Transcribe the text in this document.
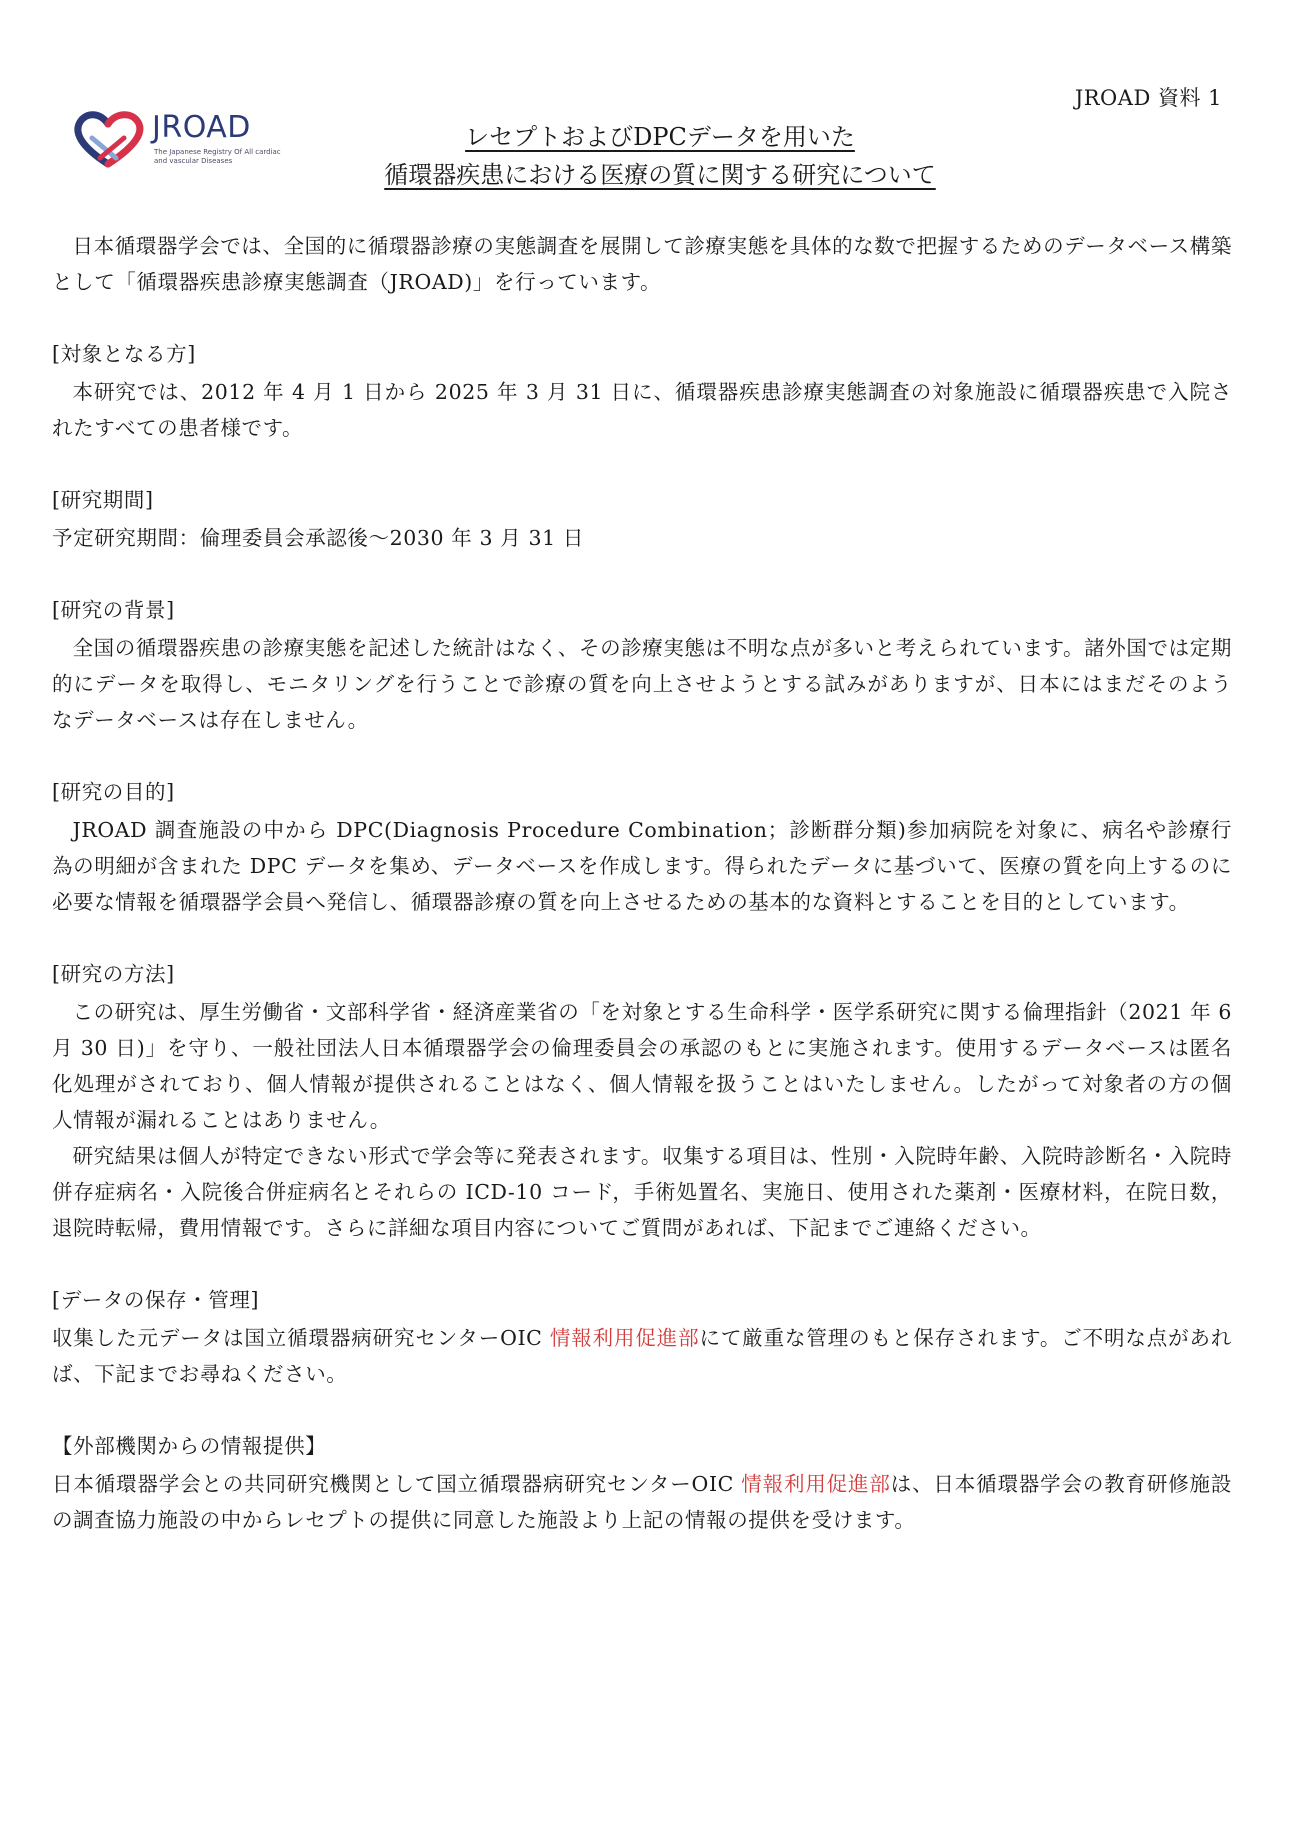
JROAD 資料 1
JROAD
The Japanese Registry Of All cardiac and vascular Diseases
レセプトおよびDPCデータを用いた
循環器疾患における医療の質に関する研究について

日本循環器学会では、全国的に循環器診療の実態調査を展開して診療実態を具体的な数で把握するためのデータベース構築として「循環器疾患診療実態調査（JROAD)」を行っています。

[対象となる方]

本研究では、2012 年 4 月 1 日から 2025 年 3 月 31 日に、循環器疾患診療実態調査の対象施設に循環器疾患で入院されたすべての患者様です。

[研究期間]

予定研究期間：倫理委員会承認後〜2030 年 3 月 31 日

[研究の背景]

全国の循環器疾患の診療実態を記述した統計はなく、その診療実態は不明な点が多いと考えられています。諸外国では定期的にデータを取得し、モニタリングを行うことで診療の質を向上させようとする試みがありますが、日本にはまだそのようなデータベースは存在しません。

[研究の目的]

JROAD 調査施設の中から DPC(Diagnosis Procedure Combination；診断群分類)参加病院を対象に、病名や診療行為の明細が含まれた DPC データを集め、データベースを作成します。得られたデータに基づいて、医療の質を向上するのに必要な情報を循環器学会員へ発信し、循環器診療の質を向上させるための基本的な資料とすることを目的としています。

[研究の方法]

この研究は、厚生労働省・文部科学省・経済産業省の「を対象とする生命科学・医学系研究に関する倫理指針（2021 年 6 月 30 日)」を守り、一般社団法人日本循環器学会の倫理委員会の承認のもとに実施されます。使用するデータベースは匿名化処理がされており、個人情報が提供されることはなく、個人情報を扱うことはいたしません。したがって対象者の方の個人情報が漏れることはありません。

研究結果は個人が特定できない形式で学会等に発表されます。収集する項目は、性別・入院時年齢、入院時診断名・入院時併存症病名・入院後合併症病名とそれらの ICD-10 コード，手術処置名、実施日、使用された薬剤・医療材料，在院日数，退院時転帰，費用情報です。さらに詳細な項目内容についてご質問があれば、下記までご連絡ください。

[データの保存・管理]

収集した元データは国立循環器病研究センターOIC 情報利用促進部にて厳重な管理のもと保存されます。ご不明な点があれば、下記までお尋ねください。

【外部機関からの情報提供】

日本循環器学会との共同研究機関として国立循環器病研究センターOIC 情報利用促進部は、日本循環器学会の教育研修施設の調査協力施設の中からレセプトの提供に同意した施設より上記の情報の提供を受けます。
